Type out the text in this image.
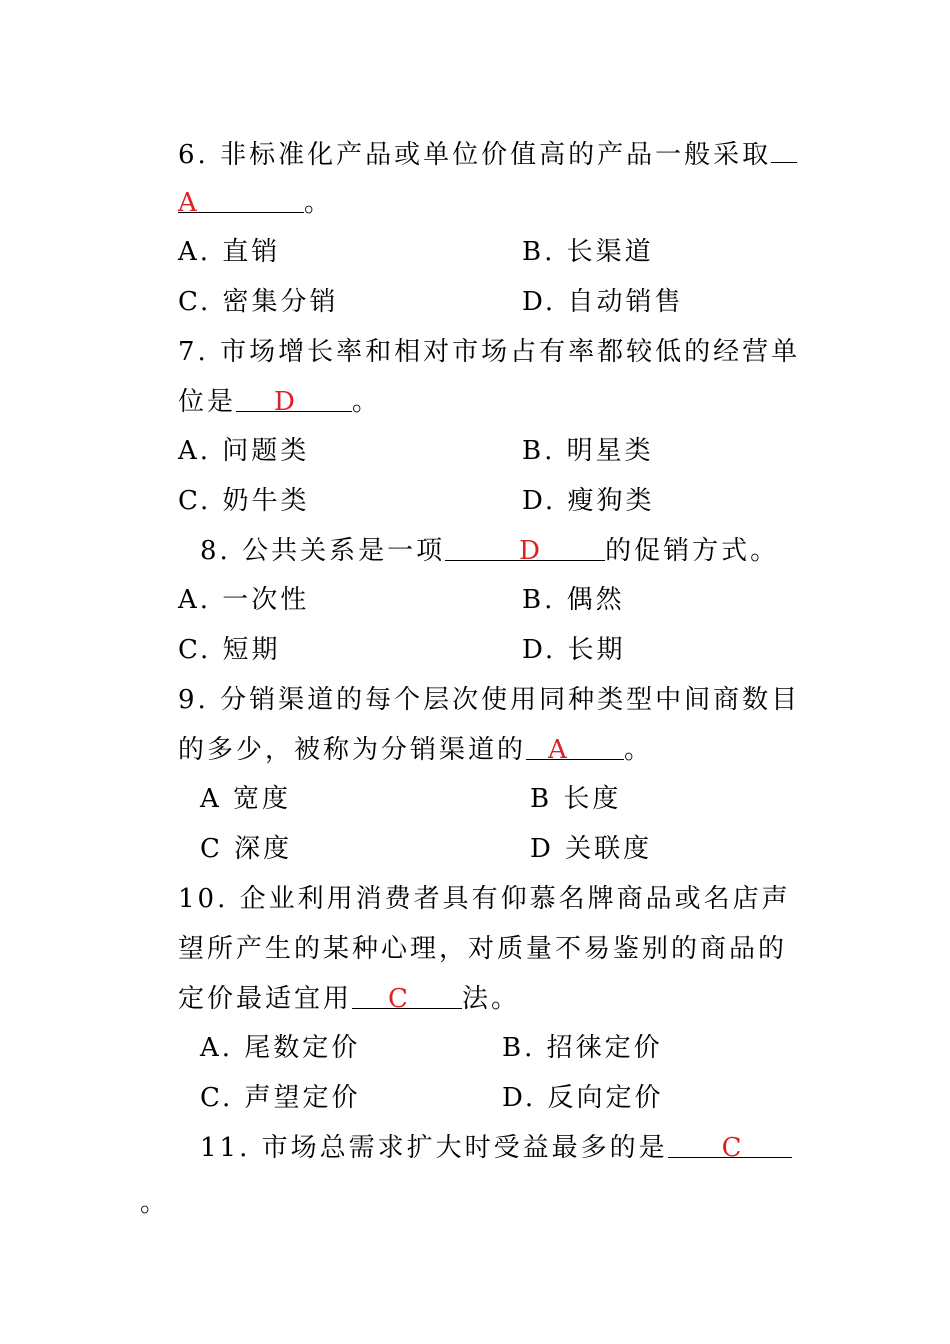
6. 非标准化产品或单位价值高的产品一般采取
A	。
A. 直销	B. 长渠道
C. 密集分销	D. 自动销售
7. 市场增长率和相对市场占有率都较低的经营单
位是 D 。
A. 问题类	B. 明星类
C. 奶牛类	D. 瘦狗类
8. 公共关系是一项	D 的促销方式。
A. 一次性	B. 偶然
C. 短期	D. 长期
9. 分销渠道的每个层次使用同种类型中间商数目
的多少，被称为分销渠道的 A 。
A 宽度	B 长度
C 深度	D 关联度
10. 企业利用消费者具有仰慕名牌商品或名店声
望所产生的某种心理，对质量不易鉴别的商品的
定价最适宜用 C 法。
A. 尾数定价	B. 招徕定价
C. 声望定价	D. 反向定价
11. 市场总需求扩大时受益最多的是 C
。
